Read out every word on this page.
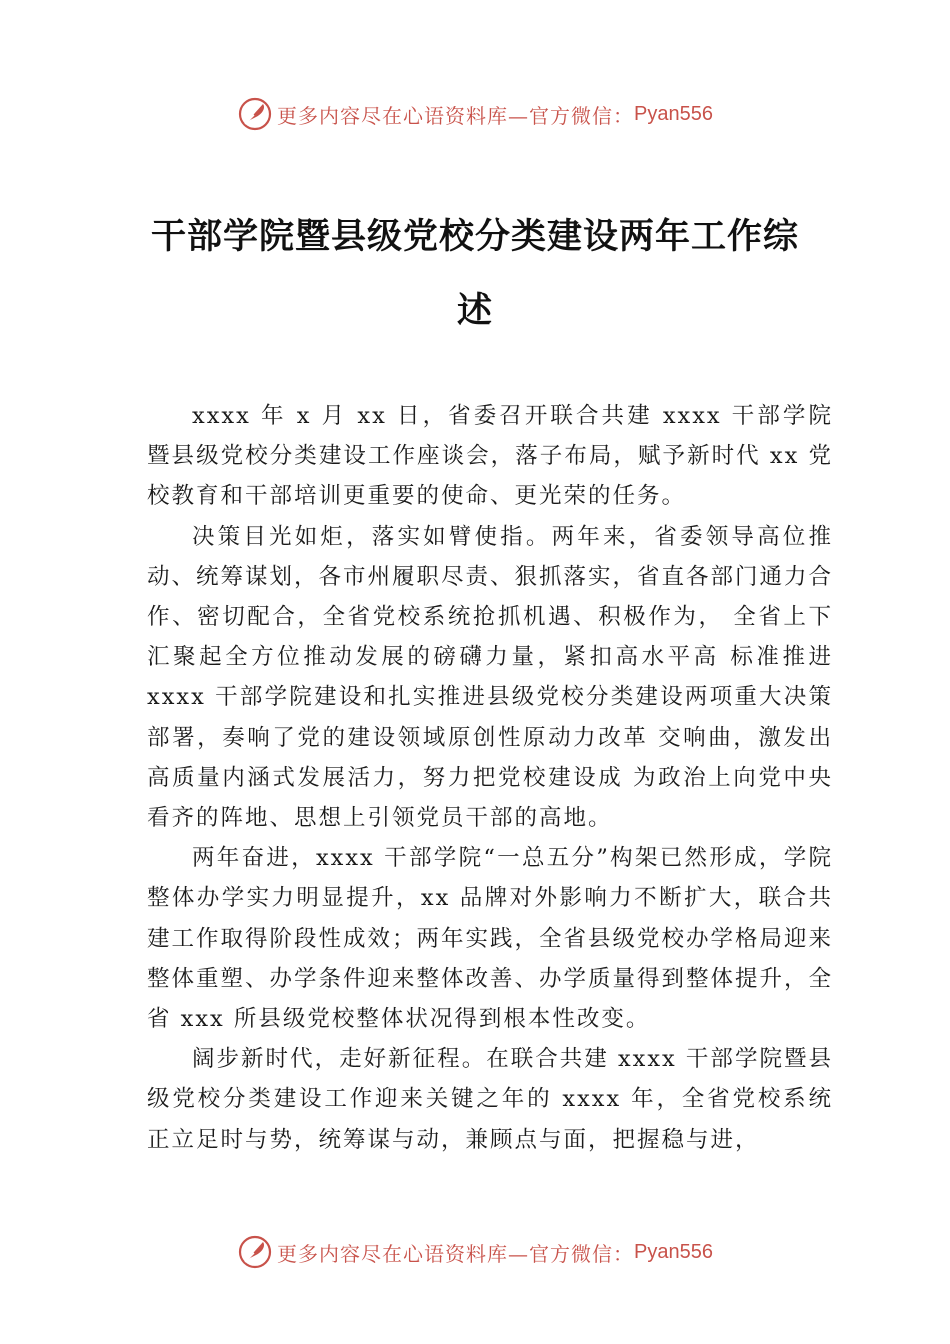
更多内容尽在心语资料库—官方微信： Pyan556
干部学院暨县级党校分类建设两年工作综
述

xxxx 年 x 月 xx 日，省委召开联合共建 xxxx 干部学院暨县级党校分类建设工作座谈会，落子布局，赋予新时代 xx 党校教育和干部培训更重要的使命、更光荣的任务。

决策目光如炬，落实如臂使指。两年来，省委领导高位推动、统筹谋划，各市州履职尽责、狠抓落实，省直各部门通力合作、密切配合，全省党校系统抢抓机遇、积极作为， 全省上下汇聚起全方位推动发展的磅礴力量，紧扣高水平高 标准推进 xxxx 干部学院建设和扎实推进县级党校分类建设两项重大决策部署，奏响了党的建设领域原创性原动力改革 交响曲，激发出高质量内涵式发展活力，努力把党校建设成 为政治上向党中央看齐的阵地、思想上引领党员干部的高地。

两年奋进，xxxx 干部学院“一总五分”构架已然形成，学院整体办学实力明显提升，xx 品牌对外影响力不断扩大，联合共建工作取得阶段性成效；两年实践，全省县级党校办学格局迎来整体重塑、办学条件迎来整体改善、办学质量得到整体提升，全省 xxx 所县级党校整体状况得到根本性改变。

阔步新时代，走好新征程。在联合共建 xxxx 干部学院暨县级党校分类建设工作迎来关键之年的 xxxx 年，全省党校系统正立足时与势，统筹谋与动，兼顾点与面，把握稳与进，

更多内容尽在心语资料库—官方微信： Pyan556
